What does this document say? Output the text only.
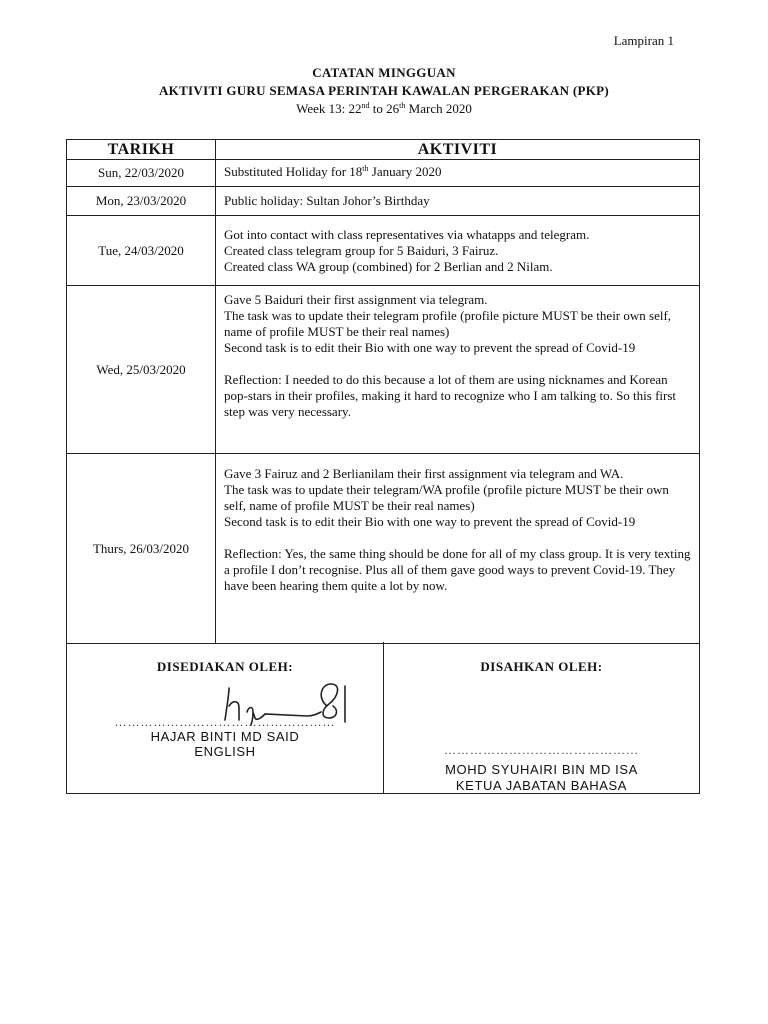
Lampiran 1
CATATAN MINGGUAN
AKTIVITI GURU SEMASA PERINTAH KAWALAN PERGERAKAN (PKP)
Week 13: 22nd to 26th March 2020
TARIKH	AKTIVITI
Sun, 22/03/2020	Substituted Holiday for 18th January 2020
Mon, 23/03/2020	Public holiday: Sultan Johor’s Birthday
Tue, 24/03/2020	Got into contact with class representatives via whatapps and telegram.
Created class telegram group for 5 Baiduri, 3 Fairuz.
Created class WA group (combined) for 2 Berlian and 2 Nilam.

Wed, 25/03/2020	Gave 5 Baiduri their first assignment via telegram.
The task was to update their telegram profile (profile picture MUST be their own self, name of profile MUST be their real names)
Second task is to edit their Bio with one way to prevent the spread of Covid-19
Reflection: I needed to do this because a lot of them are using nicknames and Korean pop-stars in their profiles, making it hard to recognize who I am talking to. So this first step was very necessary.

Thurs, 26/03/2020	Gave 3 Fairuz and 2 Berlianilam their first assignment via telegram and WA.
The task was to update their telegram/WA profile (profile picture MUST be their own self, name of profile MUST be their real names)
Second task is to edit their Bio with one way to prevent the spread of Covid-19
Reflection: Yes, the same thing should be done for all of my class group. It is very texting a profile I don’t recognise. Plus all of them gave good ways to prevent Covid-19. They have been hearing them quite a lot by now.
DISEDIAKAN OLEH:
……………………………………………
HAJAR BINTI MD SAID
ENGLISH
DISAHKAN OLEH:
………………………………………
MOHD SYUHAIRI BIN MD ISA
KETUA JABATAN BAHASA
